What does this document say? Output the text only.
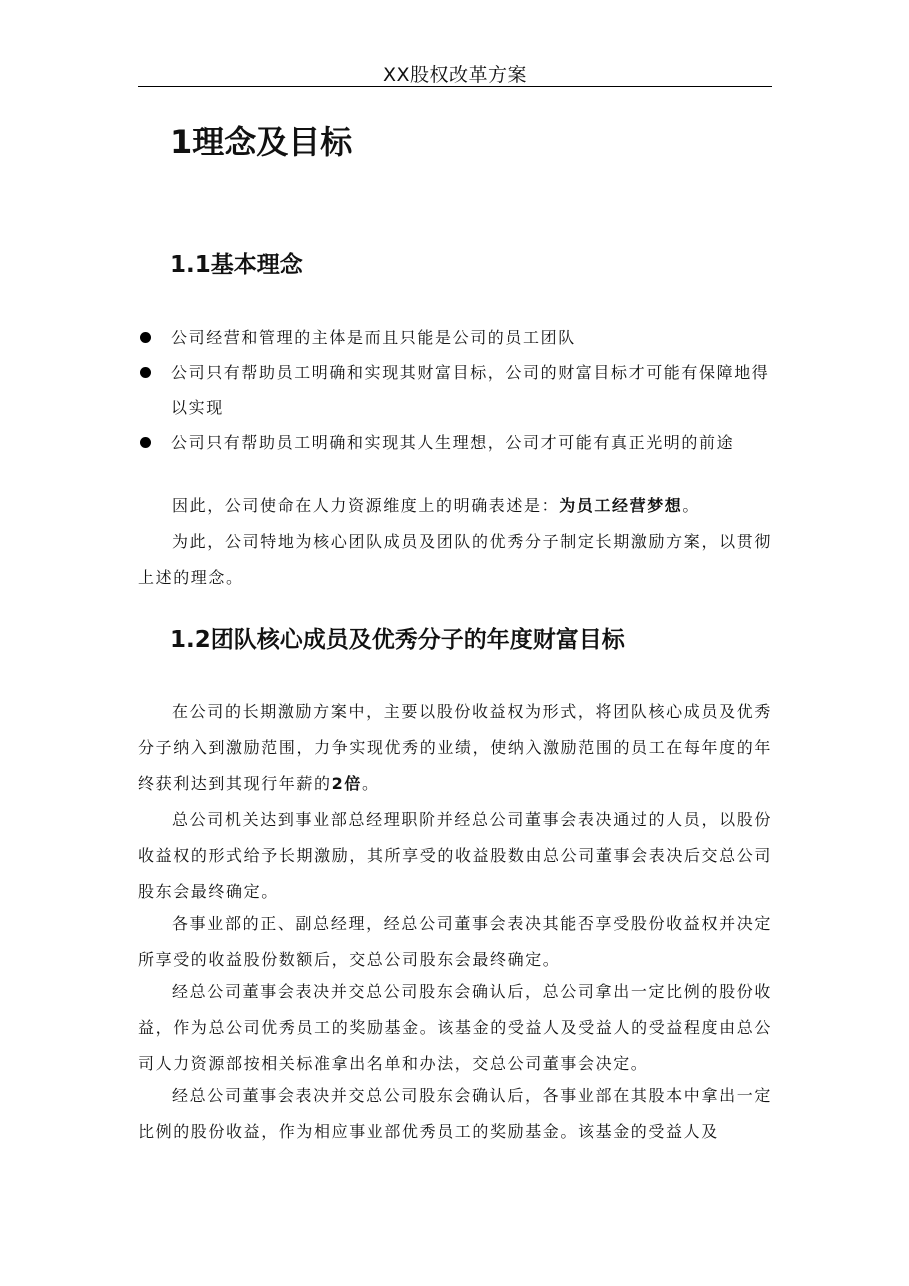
XX股权改革方案
1理念及目标
1.1基本理念
公司经营和管理的主体是而且只能是公司的员工团队
公司只有帮助员工明确和实现其财富目标，公司的财富目标才可能有保障地得以实现
公司只有帮助员工明确和实现其人生理想，公司才可能有真正光明的前途

因此，公司使命在人力资源维度上的明确表述是：为员工经营梦想。

为此，公司特地为核心团队成员及团队的优秀分子制定长期激励方案，以贯彻上述的理念。

1.2团队核心成员及优秀分子的年度财富目标

在公司的长期激励方案中，主要以股份收益权为形式，将团队核心成员及优秀分子纳入到激励范围，力争实现优秀的业绩，使纳入激励范围的员工在每年度的年终获利达到其现行年薪的2倍。

总公司机关达到事业部总经理职阶并经总公司董事会表决通过的人员，以股份收益权的形式给予长期激励，其所享受的收益股数由总公司董事会表决后交总公司股东会最终确定。

各事业部的正、副总经理，经总公司董事会表决其能否享受股份收益权并决定所享受的收益股份数额后，交总公司股东会最终确定。

经总公司董事会表决并交总公司股东会确认后，总公司拿出一定比例的股份收益，作为总公司优秀员工的奖励基金。该基金的受益人及受益人的受益程度由总公司人力资源部按相关标准拿出名单和办法，交总公司董事会决定。

经总公司董事会表决并交总公司股东会确认后，各事业部在其股本中拿出一定比例的股份收益，作为相应事业部优秀员工的奖励基金。该基金的受益人及
